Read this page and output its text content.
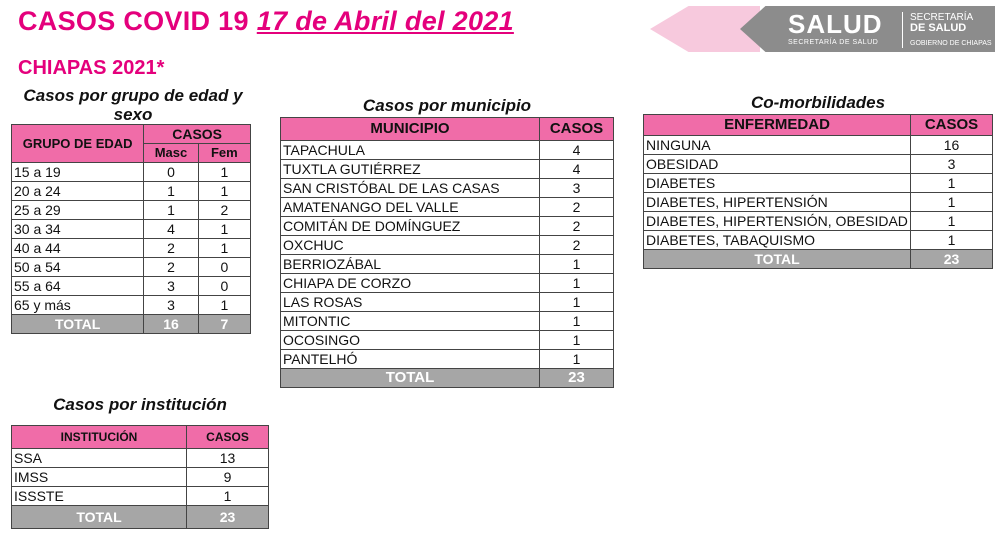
CASOS COVID 19 17 de Abril del 2021
CHIAPAS 2021*
SALUD
SECRETARÍA DE SALUD
SECRETARÍA
DE SALUD
GOBIERNO DE CHIAPAS
Casos por grupo de edad y sexo
GRUPO DE EDAD	CASOS	
	Masc	Fem
15 a 19	0	1
20 a 24	1	1
25 a 29	1	2
30 a 34	4	1
40 a 44	2	1
50 a 54	2	0
55 a 64	3	0
65 y más	3	1
TOTAL	16	7
Casos por municipio
MUNICIPIO	CASOS
TAPACHULA	4
TUXTLA GUTIÉRREZ	4
SAN CRISTÓBAL DE LAS CASAS	3
AMATENANGO DEL VALLE	2
COMITÁN DE DOMÍNGUEZ	2
OXCHUC	2
BERRIOZÁBAL	1
CHIAPA DE CORZO	1
LAS ROSAS	1
MITONTIC	1
OCOSINGO	1
PANTELHÓ	1
TOTAL	23
Co-morbilidades
ENFERMEDAD	CASOS
NINGUNA	16
OBESIDAD	3
DIABETES	1
DIABETES, HIPERTENSIÓN	1
DIABETES, HIPERTENSIÓN, OBESIDAD	1
DIABETES, TABAQUISMO	1
TOTAL	23
Casos por institución
INSTITUCIÓN	CASOS
SSA	13
IMSS	9
ISSSTE	1
TOTAL	23
